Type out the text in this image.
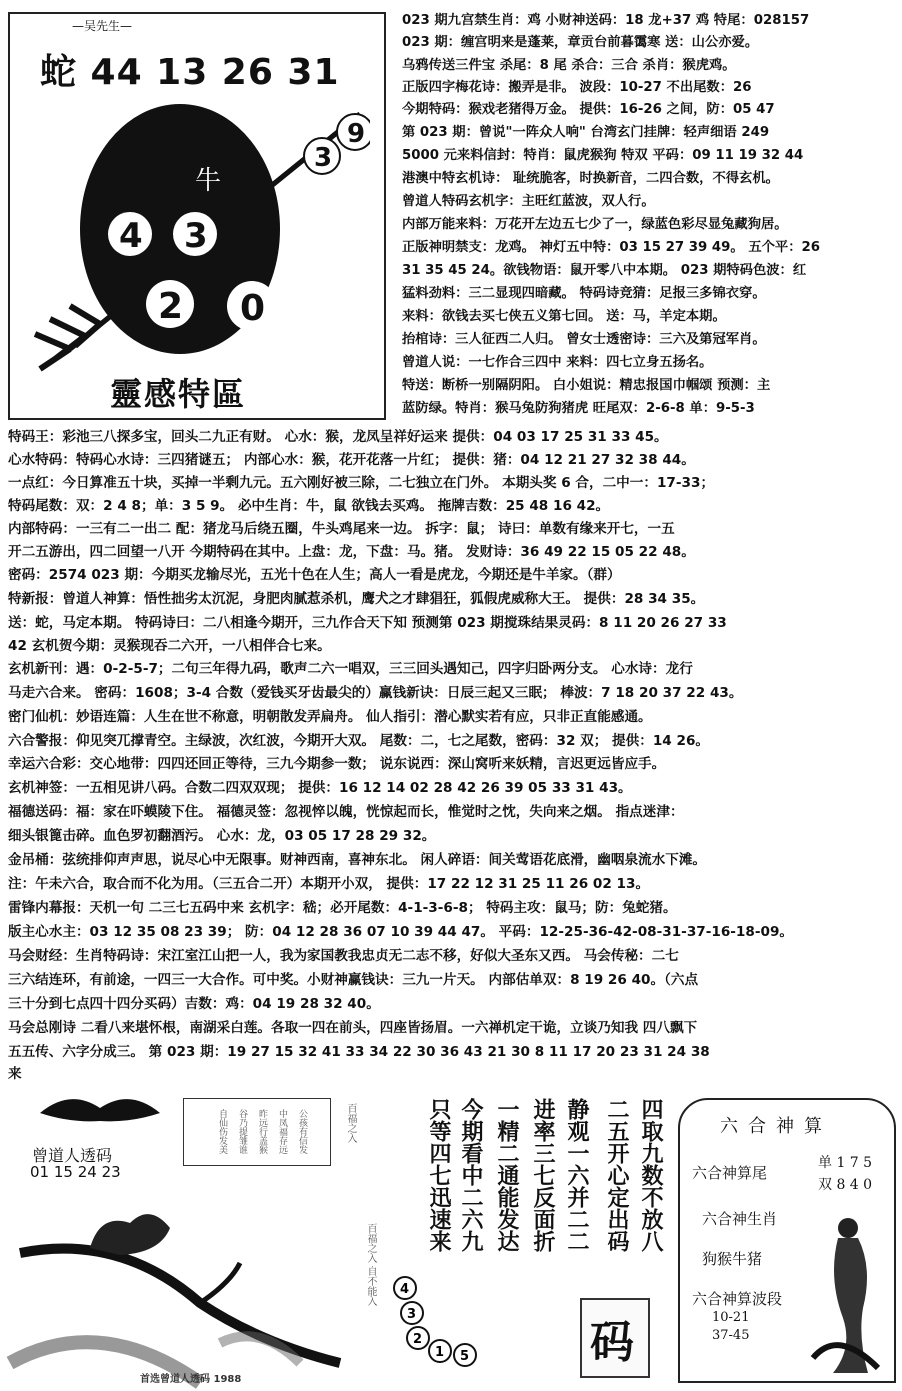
—吴先生—
蛇 44 13 26 31
牛
3
9
4 3
2 0
靈感特區
023 期九宫禁生肖：鸡 小财神送码：18 龙+37 鸡 特尾：028157
023 期：缠宫明来是蓬莱，章贡台前暮霭寒 送：山公亦爱。
乌鸦传送三件宝 杀尾：8 尾 杀合：三合 杀肖：猴虎鸡。
正版四字梅花诗：搬弄是非。 波段：10-27 不出尾数：26
今期特码：猴戏老猪得万金。 提供：16-26 之间，防：05 47
第 023 期：曾说"一阵众人响" 台湾玄门挂牌：轻声细语 249
5000 元来料信封：特肖：鼠虎猴狗 特双 平码：09 11 19 32 44
港澳中特玄机诗： 耻统脆客，时换新音，二四合数，不得玄机。
曾道人特码玄机字：主旺红蓝波，双人行。
内部万能来料：万花开左边五七少了一，绿蓝色彩尽显兔藏狗居。
正版神明禁支：龙鸡。 神灯五中特：03 15 27 39 49。 五个平：26
31 35 45 24。欲钱物语：鼠开零八中本期。 023 期特码色波：红
猛料劲料：三二显现四暗藏。 特码诗竞猜：足报三多锦衣穿。
来料：欲钱去买七侠五义第七回。 送：马，羊定本期。
抬棺诗：三人征西二人归。 曾女士透密诗：三六及第冠军肖。
曾道人说：一七作合三四中 来料：四七立身五扬名。
特送：断桥一别隔阴阳。 白小姐说：精忠报国巾帼颂 预测：主
蓝防绿。特肖：猴马兔防狗猪虎 旺尾双：2-6-8 单：9-5-3
特码王：彩池三八探多宝，回头二九正有财。 心水：猴，龙凤呈祥好运来 提供：04 03 17 25 31 33 45。
心水特码：特码心水诗：三四猪谜五； 内部心水：猴，花开花落一片红； 提供：猪：04 12 21 27 32 38 44。
一点红：今日算准五十块，买掉一半剩九元。五六刚好被三除，二七独立在门外。 本期头奖 6 合，二中一：17-33；
特码尾数：双：2 4 8；单：3 5 9。 必中生肖：牛，鼠 欲钱去买鸡。 拖牌吉数：25 48 16 42。
内部特码：一三有二一出二 配：猪龙马后绕五圈，牛头鸡尾来一边。 拆字：鼠； 诗曰：单数有缘来开七，一五
开二五游出，四二回望一八开 今期特码在其中。上盘：龙，下盘：马。猪。 发财诗：36 49 22 15 05 22 48。
密码：2574 023 期：今期买龙输尽光，五光十色在人生；高人一看是虎龙，今期还是牛羊家。（群）
特新报：曾道人神算：悟性拙劣太沉泥，身肥肉腻惹杀机，鹰犬之才肆猖狂，狐假虎威称大王。 提供：28 34 35。
送：蛇，马定本期。 特码诗曰：二八相逢今期开，三九作合天下知 预测第 023 期搅珠结果灵码：8 11 20 26 27 33
42 玄机贺今期：灵猴现吞二六开，一八相伴合七来。
玄机新刊：遇：0-2-5-7；二句三年得九码，歌声二六一唱双，三三回头遇知己，四字归卧两分支。 心水诗：龙行
马走六合来。 密码：1608；3-4 合数（爱钱买牙齿最尖的）赢钱新诀：日辰三起又三眠； 棒波：7 18 20 37 22 43。
密门仙机：妙语连篇：人生在世不称意，明朝散发弄扁舟。 仙人指引：潜心默实若有应，只非正直能感通。
六合警报：仰见突兀撑青空。主绿波，次红波，今期开大双。 尾数：二，七之尾数，密码：32 双； 提供：14 26。
幸运六合彩：交心地带：四四还回正等待，三九今期参一数； 说东说西：深山窝听来妖精，言迟更远皆应手。
玄机神签：一五相见讲八码。合数二四双双现； 提供：16 12 14 02 28 42 26 39 05 33 31 43。
福德送码：福：家在吓蟆陵下住。 福德灵签：忽视悴以魄，恍惊起而长，惟觉时之忱，失向来之烟。 指点迷津：
细头银篦击碎。血色罗初翻酒污。 心水：龙，03 05 17 28 29 32。
金吊桶：弦统排仰声声思，说尽心中无限事。财神西南，喜神东北。 闲人碎语：间关莺语花底滑，幽咽泉流水下滩。
注：午未六合，取合而不化为用。（三五合二开）本期开小双， 提供：17 22 12 31 25 11 26 02 13。
雷锋内幕报：天机一句 二三七五码中来 玄机字：嵇；必开尾数：4-1-3-6-8； 特码主攻：鼠马；防：兔蛇猪。
版主心水主：03 12 35 08 23 39； 防：04 12 28 36 07 10 39 44 47。 平码：12-25-36-42-08-31-37-16-18-09。
马会财经：生肖特码诗：宋江室江山把一人，我为家国教我忠贞无二志不移，好似大圣东又西。 马会传秘：二七
三六结连环，有前途，一四三一大合作。可中奖。小财神赢钱诀：三九一片天。 内部估单双：8 19 26 40。（六点
三十分到七点四十四分买码）吉数：鸡：04 19 28 32 40。
马会总刚诗 二看八来堪怀根，南湖采白莲。各取一四在前头，四座皆扬眉。一六禅机定干诡，立谈乃知我 四八飘下
五五传、六字分成三。 第 023 期：19 27 15 32 41 33 34 22 30 36 43 21 30 8 11 17 20 23 31 24 38
来
曾道人透码
01 15 24 23
公孩有信发
中凤福存远
昨远行盖猴
谷乃提雏谁
自仙伤发美	百福之入
百福之入 自不能入
只等四七迅速来 今期看中二六九 一精二通能发达 进率三七反面折 静观一六并二二 二五开心定出码 四取九数不放八
4
3
2
1 5	码
六合神算
六合神算尾
单 1 7 5
双 8 4 0
六合神生肖
狗猴牛猪
六合神算波段
10-21
37-45
首选曾道人透码 1988
